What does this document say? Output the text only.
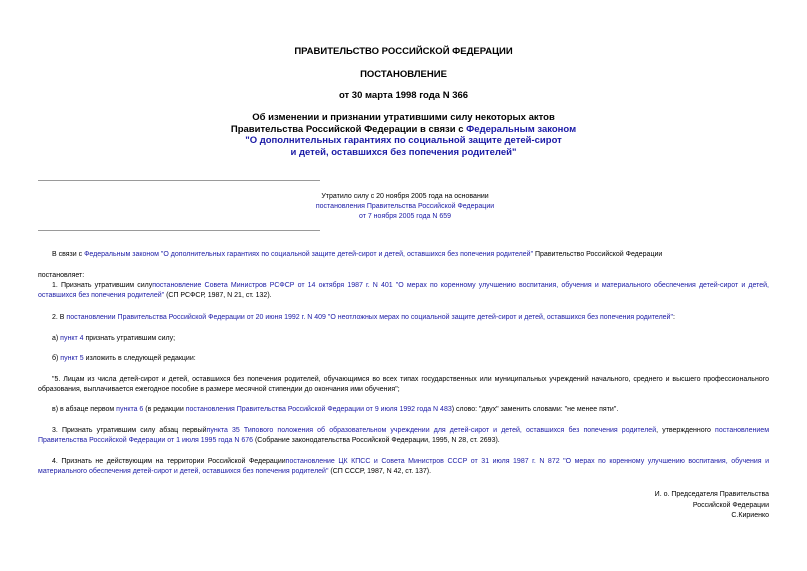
ПРАВИТЕЛЬСТВО РОССИЙСКОЙ ФЕДЕРАЦИИ
ПОСТАНОВЛЕНИЕ
от 30 марта 1998 года N 366
Об изменении и признании утратившими силу некоторых актов
Правительства Российской Федерации в связи с Федеральным законом
"О дополнительных гарантиях по социальной защите детей-сирот
и детей, оставшихся без попечения родителей"
Утратило силу с 20 ноября 2005 года на основании
постановления Правительства Российской Федерации
от 7 ноября 2005 года N 659
В связи с Федеральным законом "О дополнительных гарантиях по социальной защите детей-сирот и детей, оставшихся без попечения родителей" Правительство Российской Федерации
постановляет:
1. Признать утратившим силупостановление Совета Министров РСФСР от 14 октября 1987 г. N 401 "О мерах по коренному улучшению воспитания, обучения и материального обеспечения детей-сирот и детей, оставшихся без попечения родителей" (СП РСФСР, 1987, N 21, ст. 132).
2. В постановлении Правительства Российской Федерации от 20 июня 1992 г. N 409 "О неотложных мерах по социальной защите детей-сирот и детей, оставшихся без попечения родителей":
а) пункт 4 признать утратившим силу;
б) пункт 5 изложить в следующей редакции:
"5. Лицам из числа детей-сирот и детей, оставшихся без попечения родителей, обучающимся во всех типах государственных или муниципальных учреждений начального, среднего и высшего профессионального образования, выплачивается ежегодное пособие в размере месячной стипендии до окончания ими обучения";
в) в абзаце первом пункта 6 (в редакции постановления Правительства Российской Федерации от 9 июля 1992 года N 483) слово: "двух" заменить словами: "не менее пяти".
3. Признать утратившим силу абзац первыйпункта 35 Типового положения об образовательном учреждении для детей-сирот и детей, оставшихся без попечения родителей, утвержденного постановлением Правительства Российской Федерации от 1 июля 1995 года N 676 (Собрание законодательства Российской Федерации, 1995, N 28, ст. 2693).
4. Признать не действующим на территории Российской Федерациипостановление ЦК КПСС и Совета Министров СССР от 31 июля 1987 г. N 872 "О мерах по коренному улучшению воспитания, обучения и материального обеспечения детей-сирот и детей, оставшихся без попечения родителей" (СП СССР, 1987, N 42, ст. 137).
И. о. Председателя Правительства
Российской Федерации
С.Кириенко
